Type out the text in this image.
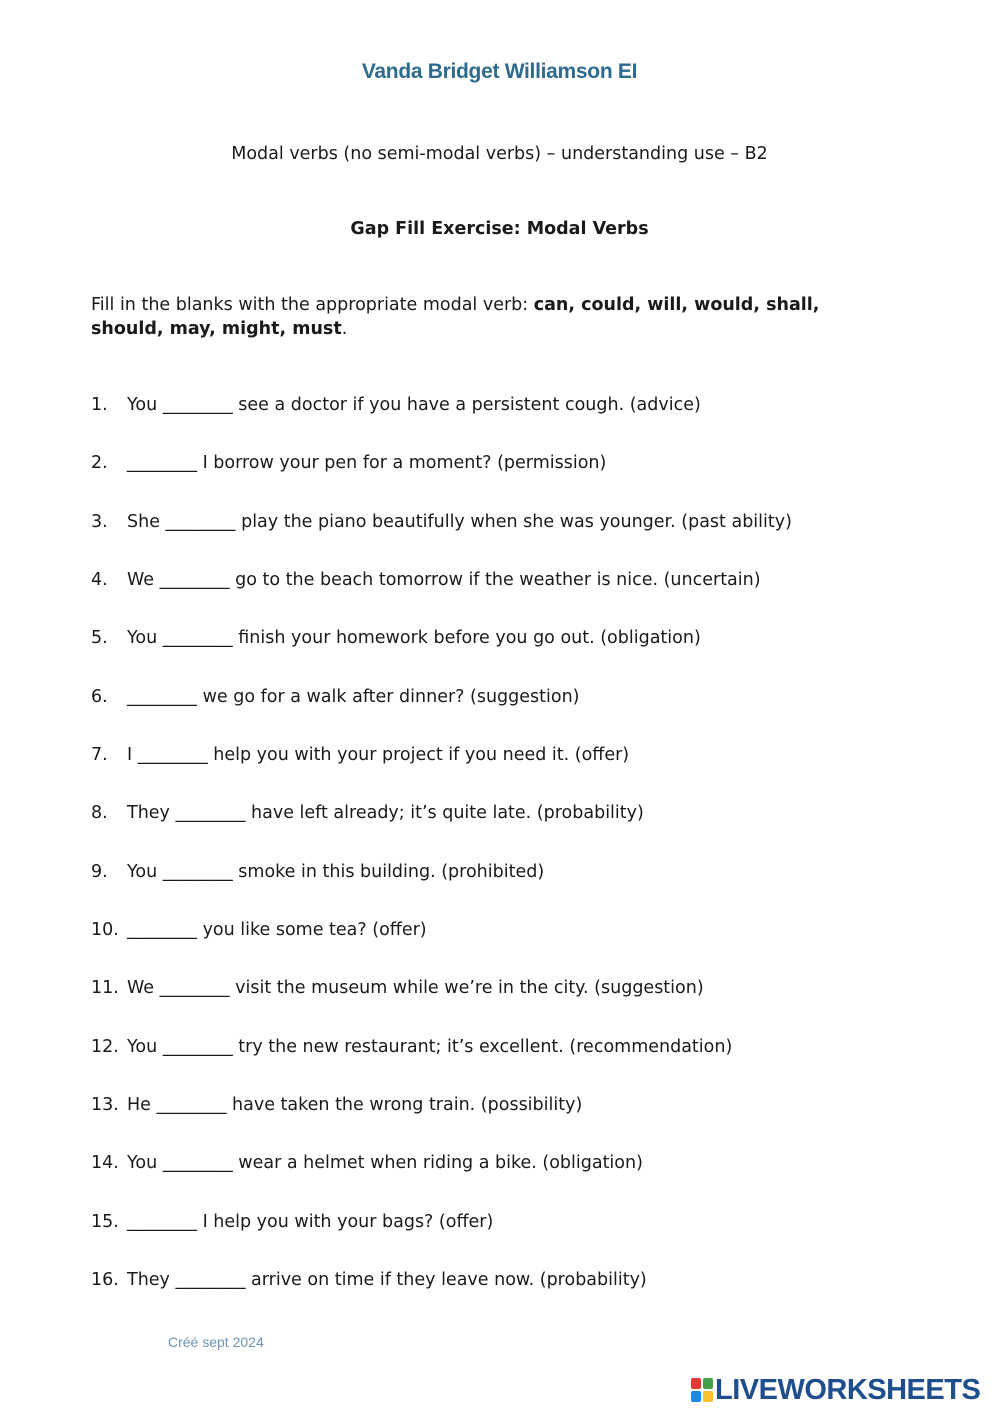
Vanda Bridget Williamson EI
Modal verbs (no semi-modal verbs) – understanding use – B2
Gap Fill Exercise: Modal Verbs
Fill in the blanks with the appropriate modal verb: can, could, will, would, shall, should, may, might, must.
1. You ________ see a doctor if you have a persistent cough. (advice)
2. ________ I borrow your pen for a moment? (permission)
3. She ________ play the piano beautifully when she was younger. (past ability)
4. We ________ go to the beach tomorrow if the weather is nice. (uncertain)
5. You ________ finish your homework before you go out. (obligation)
6. ________ we go for a walk after dinner? (suggestion)
7. I ________ help you with your project if you need it. (offer)
8. They ________ have left already; it’s quite late. (probability)
9. You ________ smoke in this building. (prohibited)
10. ________ you like some tea? (offer)
11. We ________ visit the museum while we’re in the city. (suggestion)
12. You ________ try the new restaurant; it’s excellent. (recommendation)
13. He ________ have taken the wrong train. (possibility)
14. You ________ wear a helmet when riding a bike. (obligation)
15. ________ I help you with your bags? (offer)
16. They ________ arrive on time if they leave now. (probability)
Créé sept 2024
LIVEWORKSHEETS
